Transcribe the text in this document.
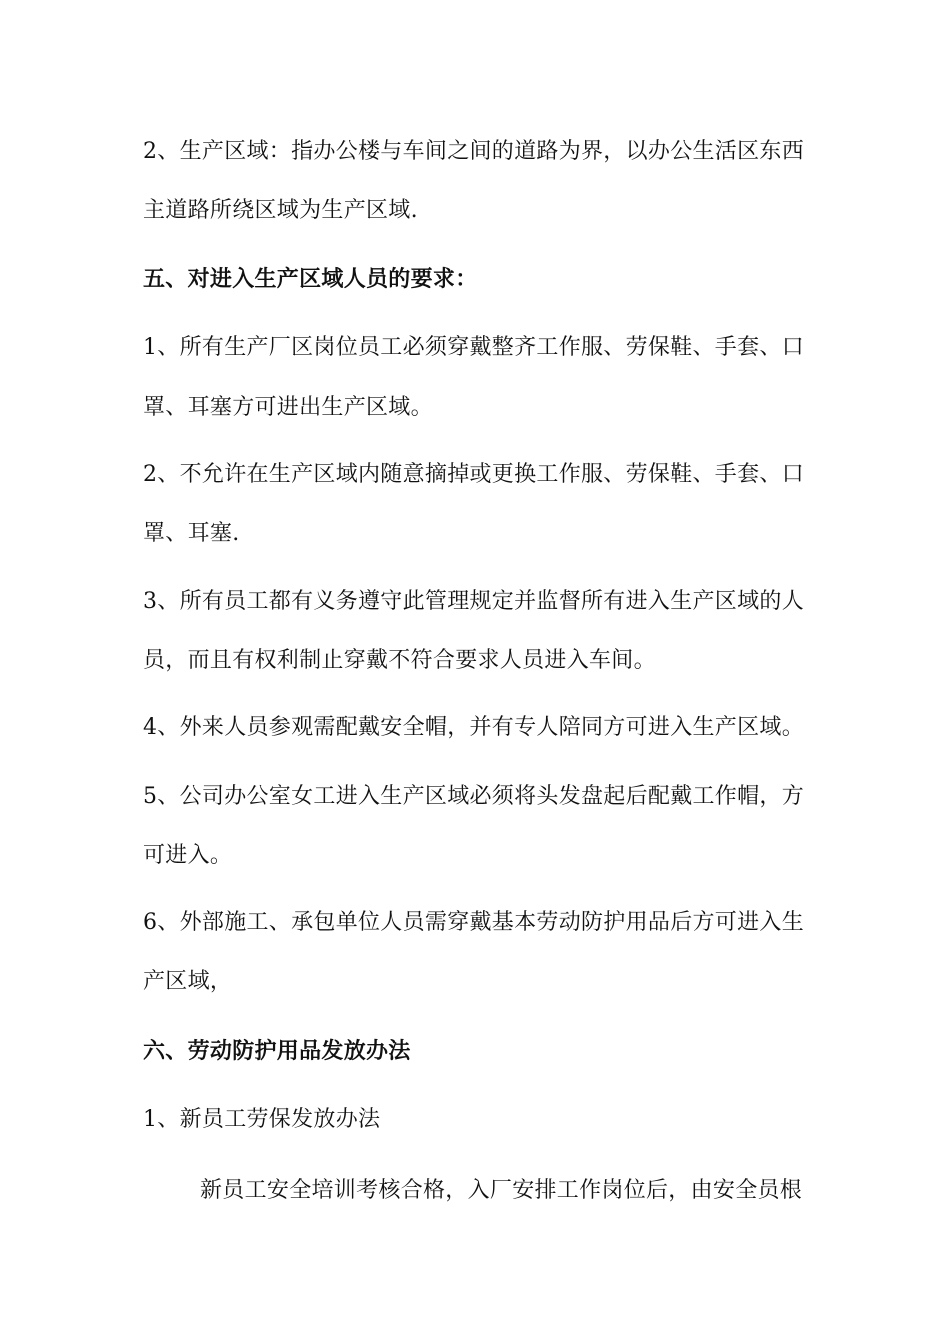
2、生产区域：指办公楼与车间之间的道路为界，以办公生活区东西
主道路所绕区域为生产区域.
五、对进入生产区域人员的要求：
1、所有生产厂区岗位员工必须穿戴整齐工作服、劳保鞋、手套、口
罩、耳塞方可进出生产区域。
2、不允许在生产区域内随意摘掉或更换工作服、劳保鞋、手套、口
罩、耳塞.
3、所有员工都有义务遵守此管理规定并监督所有进入生产区域的人
员，而且有权利制止穿戴不符合要求人员进入车间。
4、外来人员参观需配戴安全帽，并有专人陪同方可进入生产区域。
5、公司办公室女工进入生产区域必须将头发盘起后配戴工作帽，方
可进入。
6、外部施工、承包单位人员需穿戴基本劳动防护用品后方可进入生
产区域，
六、劳动防护用品发放办法
1、新员工劳保发放办法
新员工安全培训考核合格，入厂安排工作岗位后，由安全员根
